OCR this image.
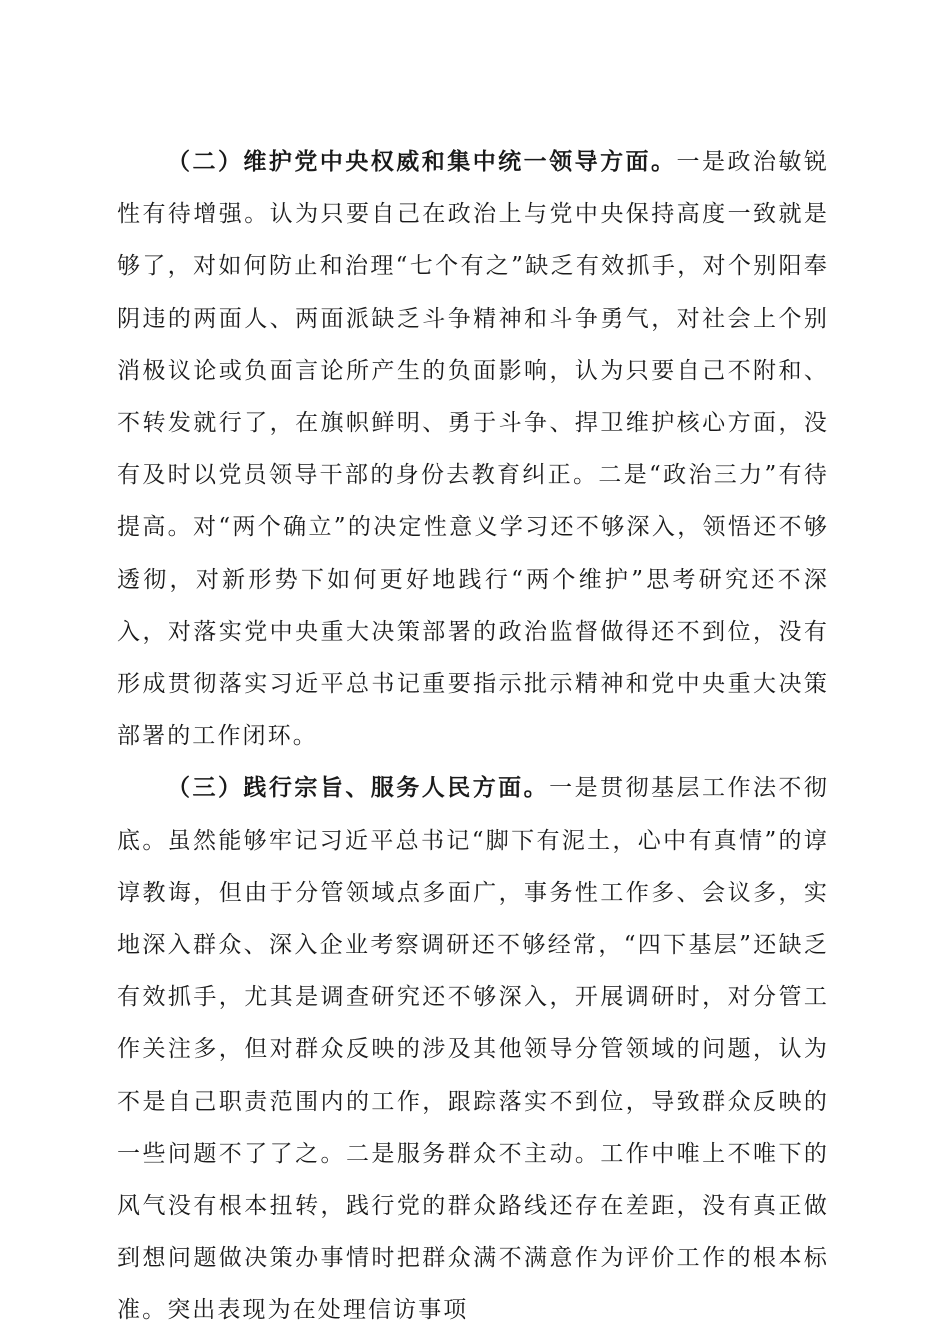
（二）维护党中央权威和集中统一领导方面。一是政治敏锐性有待增强。认为只要自己在政治上与党中央保持高度一致就是够了，对如何防止和治理“七个有之”缺乏有效抓手，对个别阳奉阴违的两面人、两面派缺乏斗争精神和斗争勇气，对社会上个别消极议论或负面言论所产生的负面影响，认为只要自己不附和、不转发就行了，在旗帜鲜明、勇于斗争、捍卫维护核心方面，没有及时以党员领导干部的身份去教育纠正。二是“政治三力”有待提高。对“两个确立”的决定性意义学习还不够深入，领悟还不够透彻，对新形势下如何更好地践行“两个维护”思考研究还不深入，对落实党中央重大决策部署的政治监督做得还不到位，没有形成贯彻落实习近平总书记重要指示批示精神和党中央重大决策部署的工作闭环。

（三）践行宗旨、服务人民方面。一是贯彻基层工作法不彻底。虽然能够牢记习近平总书记“脚下有泥土，心中有真情”的谆谆教诲，但由于分管领域点多面广，事务性工作多、会议多，实地深入群众、深入企业考察调研还不够经常，“四下基层”还缺乏有效抓手，尤其是调查研究还不够深入，开展调研时，对分管工作关注多，但对群众反映的涉及其他领导分管领域的问题，认为不是自己职责范围内的工作，跟踪落实不到位，导致群众反映的一些问题不了了之。二是服务群众不主动。工作中唯上不唯下的风气没有根本扭转，践行党的群众路线还存在差距，没有真正做到想问题做决策办事情时把群众满不满意作为评价工作的根本标准。突出表现为在处理信访事项
